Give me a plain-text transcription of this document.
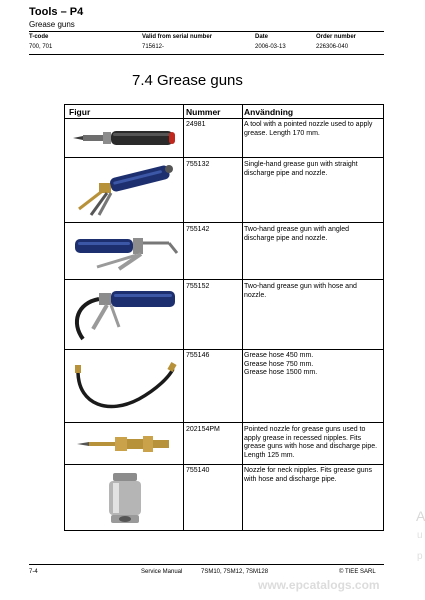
Tools – P4
Grease guns
T-code	Valid from serial number	Date	Order number
700, 701	715612-	2006-03-13	226306-040
7.4 Grease guns
Figur	Nummer	Användning
24981	A tool with a pointed nozzle used to apply grease. Length 170 mm.
755132	Single-hand grease gun with straight discharge pipe and nozzle.
755142	Two-hand grease gun with angled discharge pipe and nozzle.
755152	Two-hand grease gun with hose and nozzle.
755146	Grease hose 450 mm.
Grease hose 750 mm.
Grease hose 1500 mm.
202154PM	Pointed nozzle for grease guns used to apply grease in recessed nipples. Fits grease guns with hose and discharge pipe. Length 125 mm.
755140	Nozzle for neck nipples. Fits grease guns with hose and discharge pipe.
A
u
p
7-4	Service Manual	7SM10, 7SM12, 7SM128	© TIEE SARL
www.epcatalogs.com
